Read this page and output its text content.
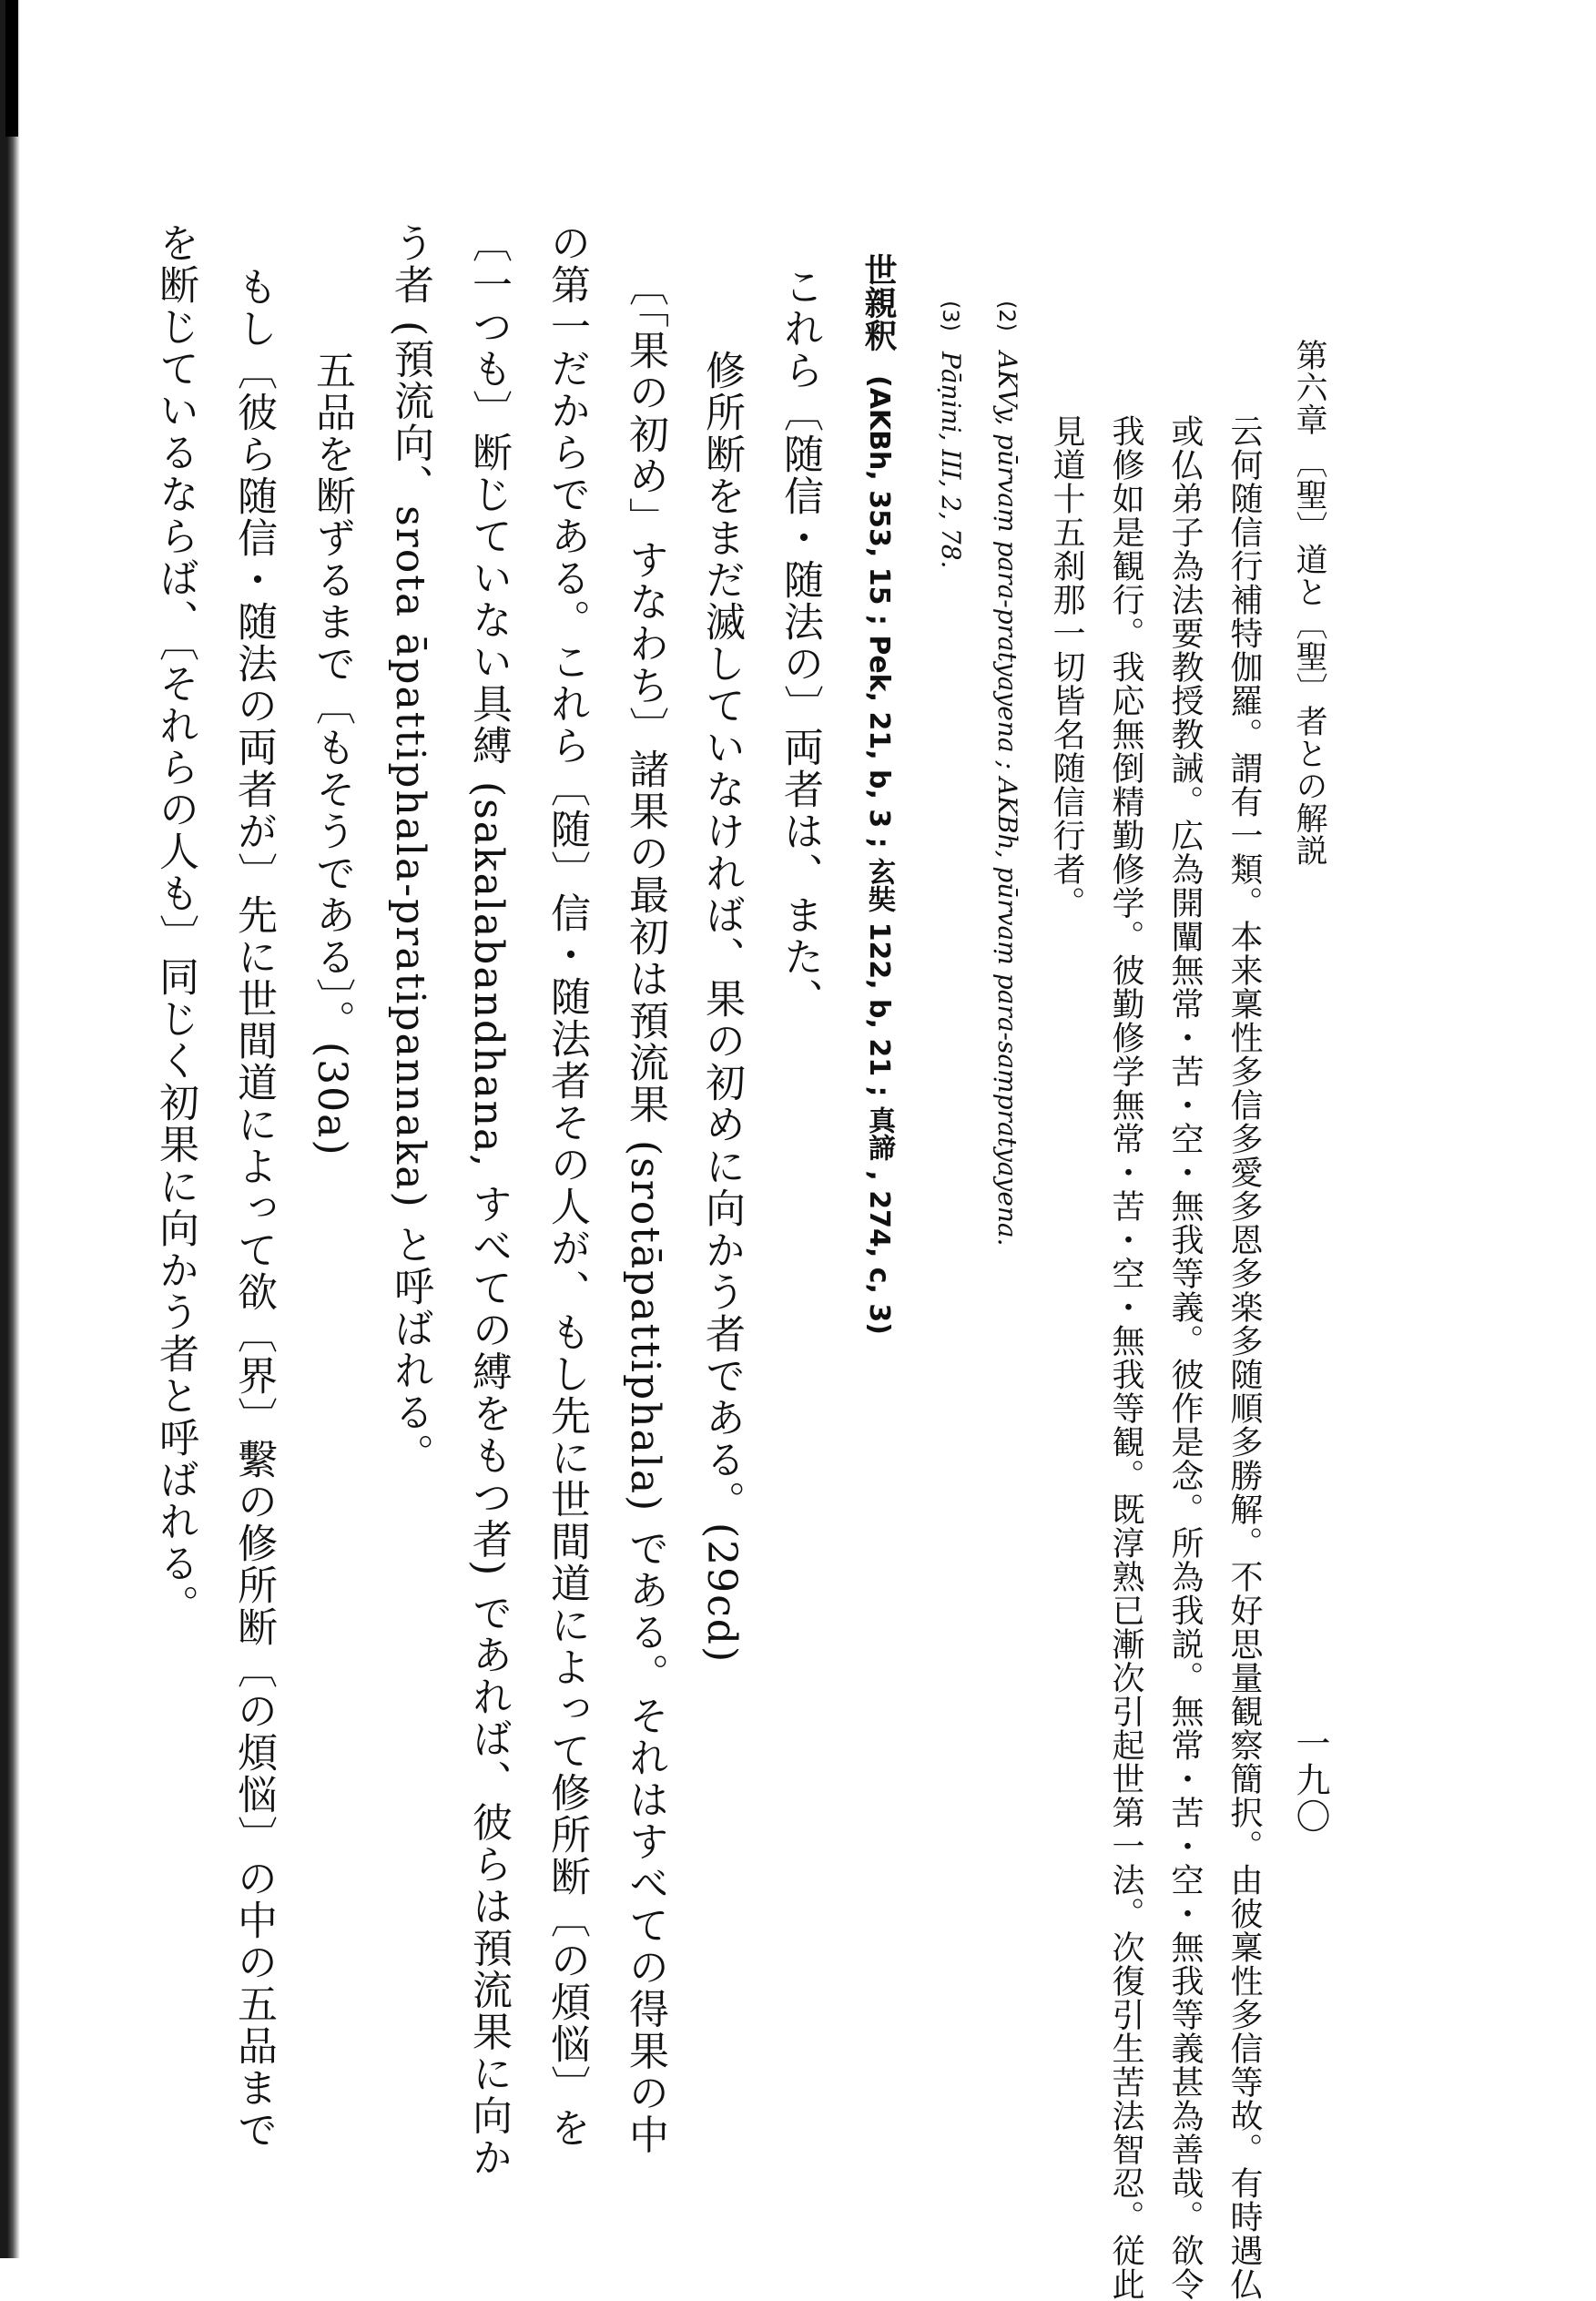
第六章 〔聖〕道と〔聖〕者との解説
一九〇
云何随信行補特伽羅。謂有一類。本来稟性多信多愛多恩多楽多随順多勝解。不好思量観察簡択。由彼稟性多信等故。有時遇仏
或仏弟子為法要教授教誡。広為開闡無常・苦・空・無我等義。彼作是念。所為我説。無常・苦・空・無我等義甚為善哉。欲令
我修如是観行。我応無倒精勤修学。彼勤修学無常・苦・空・無我等観。既淳熟已漸次引起世第一法。次復引生苦法智忍。従此
見道十五刹那一切皆名随信行者。
(2)AKVy, pūrvaṃ para-pratyayena ; AKBh, pūrvaṃ para-saṃpratyayena.
(3)Pāṇini, III, 2, 78.
世親釈(AKBh, 353, 15 ; Pek, 21, b, 3 ; 玄奘 122, b, 21 ; 真諦 , 274, c, 3)
これら〔随信・随法の〕両者は、また、
修所断をまだ滅していなければ、果の初めに向かう者である。(29cd)
〔「果の初め」すなわち〕諸果の最初は預流果 (srotāpattiphala) である。それはすべての得果の中
の第一だからである。これら〔随〕信・随法者その人が、もし先に世間道によって修所断〔の煩悩〕を
〔一つも〕断じていない具縛 (sakalabandhana, すべての縛をもつ者) であれば、彼らは預流果に向か
う者 (預流向、srota āpattiphala-pratipannaka) と呼ばれる。
五品を断ずるまで〔もそうである〕。(30a)
もし〔彼ら随信・随法の両者が〕先に世間道によって欲〔界〕繫の修所断〔の煩悩〕の中の五品まで
を断じているならば、〔それらの人も〕同じく初果に向かう者と呼ばれる。
